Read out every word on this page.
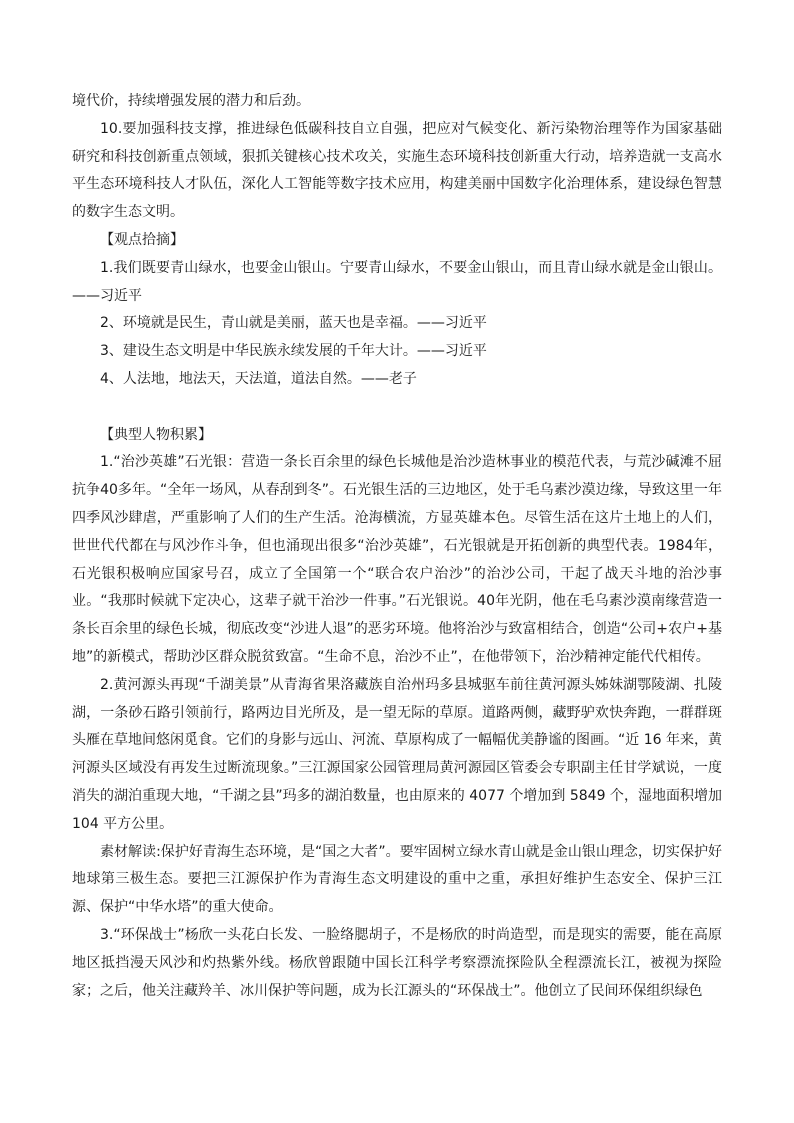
境代价，持续增强发展的潜力和后劲。

10.要加强科技支撑，推进绿色低碳科技自立自强，把应对气候变化、新污染物治理等作为国家基础研究和科技创新重点领域，狠抓关键核心技术攻关，实施生态环境科技创新重大行动，培养造就一支高水平生态环境科技人才队伍，深化人工智能等数字技术应用，构建美丽中国数字化治理体系，建设绿色智慧的数字生态文明。

【观点拾摘】

1.我们既要青山绿水，也要金山银山。宁要青山绿水，不要金山银山，而且青山绿水就是金山银山。——习近平

2、环境就是民生，青山就是美丽，蓝天也是幸福。——习近平

3、建设生态文明是中华民族永续发展的千年大计。——习近平

4、人法地，地法天，天法道，道法自然。——老子

【典型人物积累】

1.“治沙英雄”石光银：营造一条长百余里的绿色长城他是治沙造林事业的模范代表，与荒沙碱滩不屈抗争40多年。“全年一场风，从春刮到冬”。石光银生活的三边地区，处于毛乌素沙漠边缘，导致这里一年四季风沙肆虐，严重影响了人们的生产生活。沧海横流，方显英雄本色。尽管生活在这片土地上的人们，世世代代都在与风沙作斗争，但也涌现出很多“治沙英雄”，石光银就是开拓创新的典型代表。1984年，石光银积极响应国家号召，成立了全国第一个“联合农户治沙”的治沙公司，干起了战天斗地的治沙事业。“我那时候就下定决心，这辈子就干治沙一件事。”石光银说。40年光阴，他在毛乌素沙漠南缘营造一条长百余里的绿色长城，彻底改变“沙进人退”的恶劣环境。他将治沙与致富相结合，创造“公司+农户+基地”的新模式，帮助沙区群众脱贫致富。“生命不息，治沙不止”，在他带领下，治沙精神定能代代相传。

2.黄河源头再现“千湖美景”从青海省果洛藏族自治州玛多县城驱车前往黄河源头姊妹湖鄂陵湖、扎陵湖，一条砂石路引领前行，路两边目光所及，是一望无际的草原。道路两侧，藏野驴欢快奔跑，一群群斑头雁在草地间悠闲觅食。它们的身影与远山、河流、草原构成了一幅幅优美静谧的图画。“近 16 年来，黄河源头区域没有再发生过断流现象。”三江源国家公园管理局黄河源园区管委会专职副主任甘学斌说，一度消失的湖泊重现大地，“千湖之县”玛多的湖泊数量，也由原来的 4077 个增加到 5849 个，湿地面积增加 104 平方公里。

素材解读:保护好青海生态环境，是“国之大者”。要牢固树立绿水青山就是金山银山理念，切实保护好地球第三极生态。要把三江源保护作为青海生态文明建设的重中之重，承担好维护生态安全、保护三江源、保护“中华水塔”的重大使命。

3.“环保战士”杨欣一头花白长发、一脸络腮胡子，不是杨欣的时尚造型，而是现实的需要，能在高原地区抵挡漫天风沙和灼热紫外线。杨欣曾跟随中国长江科学考察漂流探险队全程漂流长江，被视为探险家；之后，他关注藏羚羊、冰川保护等问题，成为长江源头的“环保战士”。他创立了民间环保组织绿色
